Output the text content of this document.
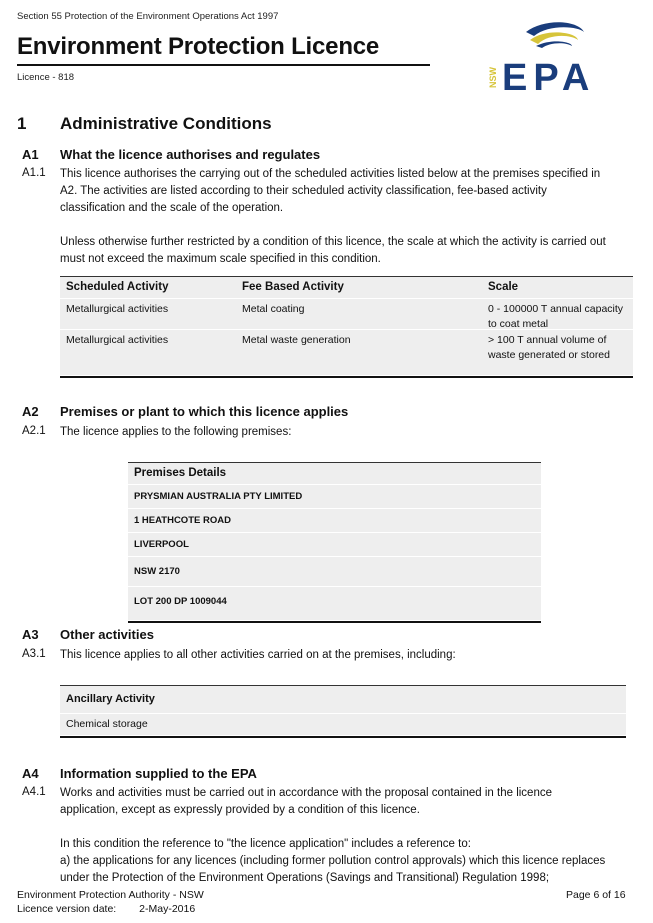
Section 55 Protection of the Environment Operations Act 1997
Environment Protection Licence
Licence - 818	NSW EPA
1 Administrative Conditions
A1 What the licence authorises and regulates
A1.1 This licence authorises the carrying out of the scheduled activities listed below at the premises specified in A2. The activities are listed according to their scheduled activity classification, fee-based activity classification and the scale of the operation.

Unless otherwise further restricted by a condition of this licence, the scale at which the activity is carried out must not exceed the maximum scale specified in this condition.

Scheduled Activity	Fee Based Activity	Scale
Metallurgical activities	Metal coating	0 - 100000 T annual capacity to coat metal
Metallurgical activities	Metal waste generation	> 100 T annual volume of waste generated or stored
A2 Premises or plant to which this licence applies
A2.1 The licence applies to the following premises:
Premises Details
PRYSMIAN AUSTRALIA PTY LIMITED
1 HEATHCOTE ROAD
LIVERPOOL
NSW 2170
LOT 200 DP 1009044
A3 Other activities
A3.1 This licence applies to all other activities carried on at the premises, including:
Ancillary Activity
Chemical storage
A4 Information supplied to the EPA
A4.1 Works and activities must be carried out in accordance with the proposal contained in the licence application, except as expressly provided by a condition of this licence.

In this condition the reference to "the licence application" includes a reference to:

a) the applications for any licences (including former pollution control approvals) which this licence replaces under the Protection of the Environment Operations (Savings and Transitional) Regulation 1998;

Environment Protection Authority - NSW
Licence version date: 2-May-2016
Page 6 of 16
